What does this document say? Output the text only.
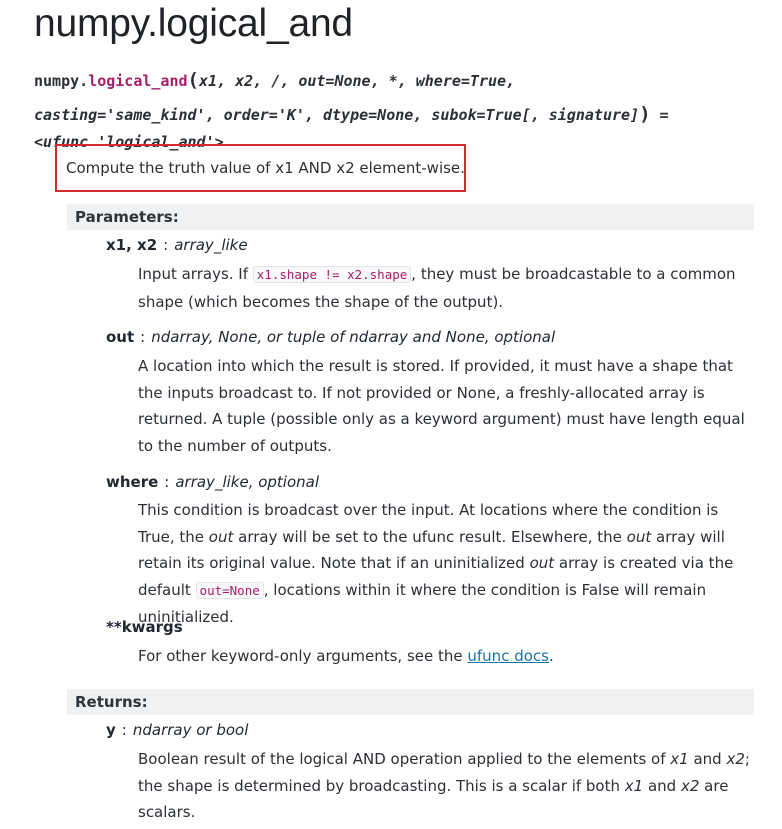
numpy.logical_and
numpy.logical_and(x1, x2, /, out=None, *, where=True,
casting='same_kind', order='K', dtype=None, subok=True[, signature]) =
<ufunc 'logical_and'>

Compute the truth value of x1 AND x2 element-wise.

Parameters:
x1, x2 : array_like

Input arrays. If x1.shape != x2.shape , they must be broadcastable to a common shape (which becomes the shape of the output).

out : ndarray, None, or tuple of ndarray and None, optional

A location into which the result is stored. If provided, it must have a shape that the inputs broadcast to. If not provided or None, a freshly-allocated array is returned. A tuple (possible only as a keyword argument) must have length equal to the number of outputs.

where : array_like, optional

This condition is broadcast over the input. At locations where the condition is True, the out array will be set to the ufunc result. Elsewhere, the out array will retain its original value. Note that if an uninitialized out array is created via the default out=None , locations within it where the condition is False will remain uninitialized.

**kwargs

For other keyword-only arguments, see the ufunc docs.

Returns:
y : ndarray or bool

Boolean result of the logical AND operation applied to the elements of x1 and x2; the shape is determined by broadcasting. This is a scalar if both x1 and x2 are scalars.
